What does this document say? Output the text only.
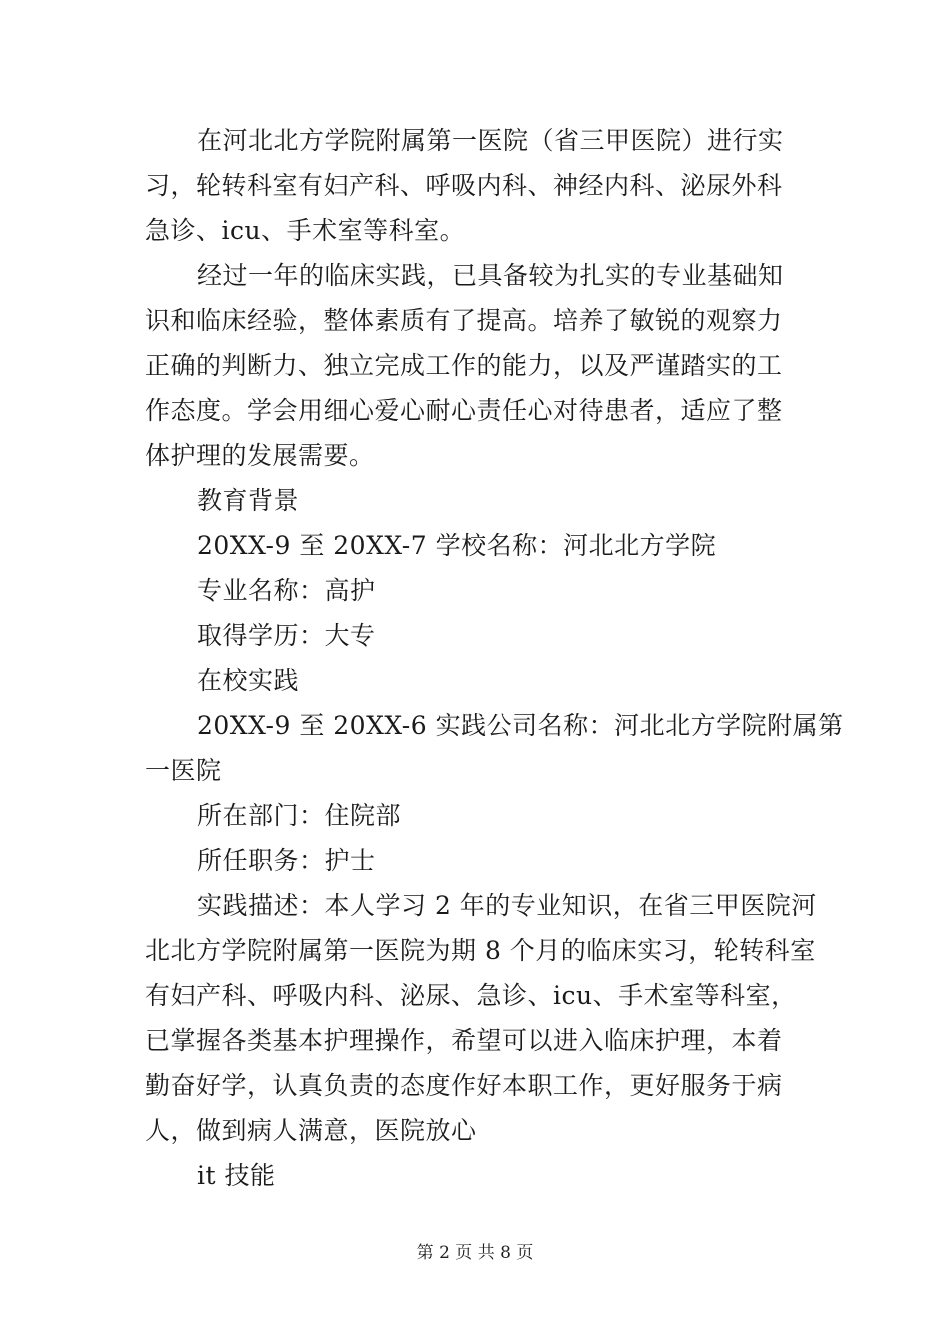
在河北北方学院附属第一医院（省三甲医院）进行实
习，轮转科室有妇产科、呼吸内科、神经内科、泌尿外科
急诊、icu、手术室等科室。
经过一年的临床实践，已具备较为扎实的专业基础知
识和临床经验，整体素质有了提高。培养了敏锐的观察力
正确的判断力、独立完成工作的能力，以及严谨踏实的工
作态度。学会用细心爱心耐心责任心对待患者，适应了整
体护理的发展需要。
教育背景
20XX-9 至 20XX-7 学校名称：河北北方学院
专业名称：高护
取得学历：大专
在校实践
20XX-9 至 20XX-6 实践公司名称：河北北方学院附属第
一医院
所在部门：住院部
所任职务：护士
实践描述：本人学习 2 年的专业知识，在省三甲医院河
北北方学院附属第一医院为期 8 个月的临床实习，轮转科室
有妇产科、呼吸内科、泌尿、急诊、icu、手术室等科室，
已掌握各类基本护理操作，希望可以进入临床护理，本着
勤奋好学，认真负责的态度作好本职工作，更好服务于病
人，做到病人满意，医院放心
it 技能
第 2 页 共 8 页
